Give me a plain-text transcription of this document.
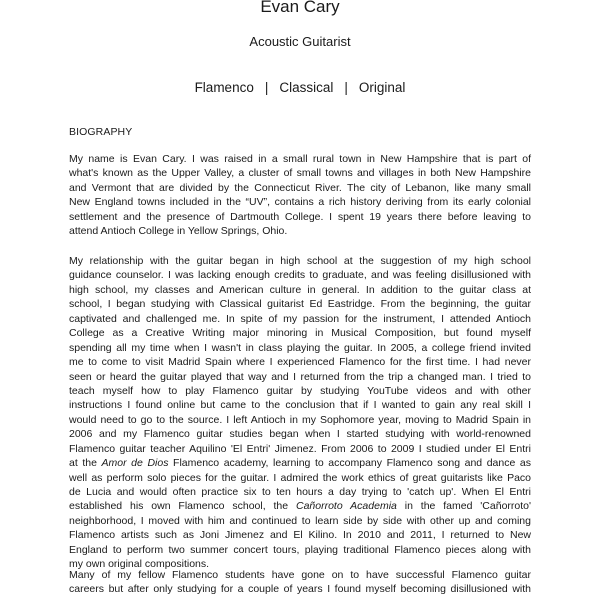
Evan Cary
Acoustic Guitarist
Flamenco | Classical | Original
BIOGRAPHY
My name is Evan Cary. I was raised in a small rural town in New Hampshire that is part of
what's known as the Upper Valley, a cluster of small towns and villages in both New Hampshire
and Vermont that are divided by the Connecticut River. The city of Lebanon, like many small
New England towns included in the “UV”, contains a rich history deriving from its early colonial
settlement and the presence of Dartmouth College. I spent 19 years there before leaving to
attend Antioch College in Yellow Springs, Ohio.
My relationship with the guitar began in high school at the suggestion of my high school
guidance counselor. I was lacking enough credits to graduate, and was feeling disillusioned with
high school, my classes and American culture in general. In addition to the guitar class at
school, I began studying with Classical guitarist Ed Eastridge. From the beginning, the guitar
captivated and challenged me. In spite of my passion for the instrument, I attended Antioch
College as a Creative Writing major minoring in Musical Composition, but found myself
spending all my time when I wasn't in class playing the guitar. In 2005, a college friend invited
me to come to visit Madrid Spain where I experienced Flamenco for the first time. I had never
seen or heard the guitar played that way and I returned from the trip a changed man. I tried to
teach myself how to play Flamenco guitar by studying YouTube videos and with other
instructions I found online but came to the conclusion that if I wanted to gain any real skill I
would need to go to the source. I left Antioch in my Sophomore year, moving to Madrid Spain in
2006 and my Flamenco guitar studies began when I started studying with world-renowned
Flamenco guitar teacher Aquilino 'El Entri' Jimenez. From 2006 to 2009 I studied under El Entri
at the Amor de Dios Flamenco academy, learning to accompany Flamenco song and dance as
well as perform solo pieces for the guitar. I admired the work ethics of great guitarists like Paco
de Lucia and would often practice six to ten hours a day trying to 'catch up'. When El Entri
established his own Flamenco school, the Cañorroto Academia in the famed 'Cañorroto'
neighborhood, I moved with him and continued to learn side by side with other up and coming
Flamenco artists such as Joni Jimenez and El Kilino. In 2010 and 2011, I returned to New
England to perform two summer concert tours, playing traditional Flamenco pieces along with
my own original compositions.
Many of my fellow Flamenco students have gone on to have successful Flamenco guitar
careers but after only studying for a couple of years I found myself becoming disillusioned with
